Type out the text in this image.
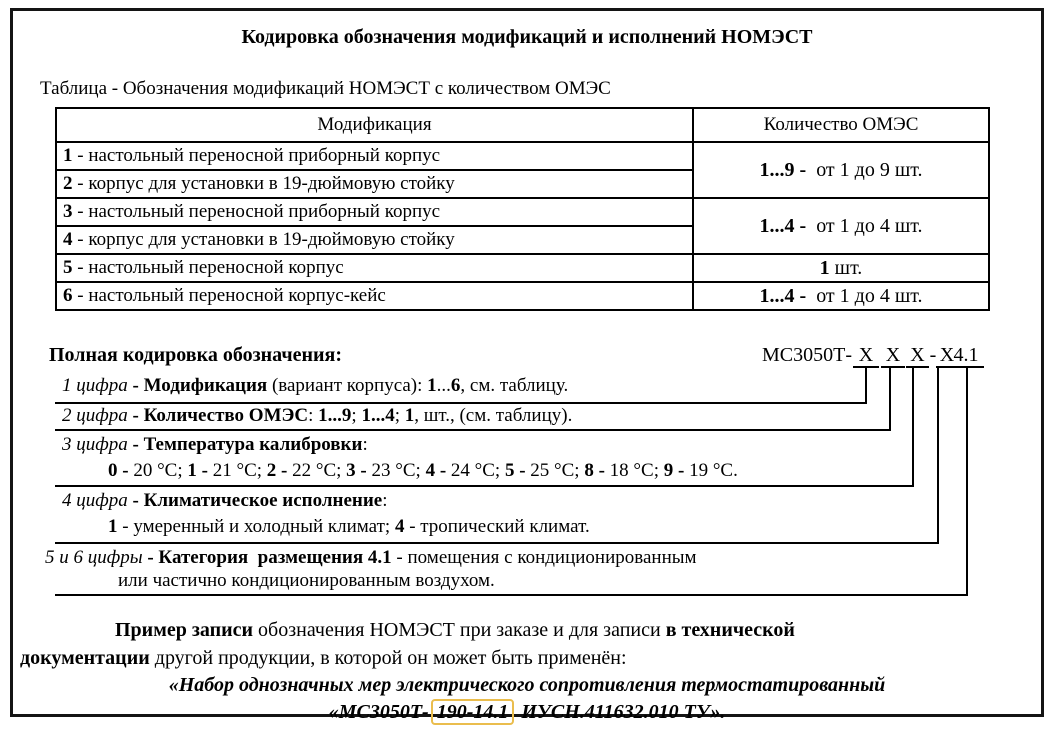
Кодировка обозначения модификаций и исполнений НОМЭСТ
Таблица - Обозначения модификаций НОМЭСТ с количеством ОМЭС
Модификация	Количество ОМЭС
1 - настольный переносной приборный корпус	1...9 -  от 1 до 9 шт.
2 - корпус для установки в 19-дюймовую стойку	
3 - настольный переносной приборный корпус	1...4 -  от 1 до 4 шт.
4 - корпус для установки в 19-дюймовую стойку	
5 - настольный переносной корпус	1 шт.
6 - настольный переносной корпус-кейс	1...4 -  от 1 до 4 шт.
Полная кодировка обозначения:	МС3050Т- X X X - X 4.1
1 цифра - Модификация (вариант корпуса): 1...6, см. таблицу.
2 цифра - Количество ОМЭС: 1...9; 1...4; 1, шт., (см. таблицу).
3 цифра - Температура калибровки:
0 - 20 °С; 1 - 21 °С; 2 - 22 °С; 3 - 23 °С; 4 - 24 °С; 5 - 25 °С; 8 - 18 °С; 9 - 19 °С.
4 цифра - Климатическое исполнение:
1 - умеренный и холодный климат; 4 - тропический климат.
5 и 6 цифры - Категория  размещения 4.1 - помещения с кондиционированным
или частично кондиционированным воздухом.
Пример записи обозначения НОМЭСТ при заказе и для записи в технической
документации другой продукции, в которой он может быть применён:
«Набор однозначных мер электрического сопротивления термостатированный
«МС3050Т- 190-14.1 ИУСН.411632.010 ТУ».
